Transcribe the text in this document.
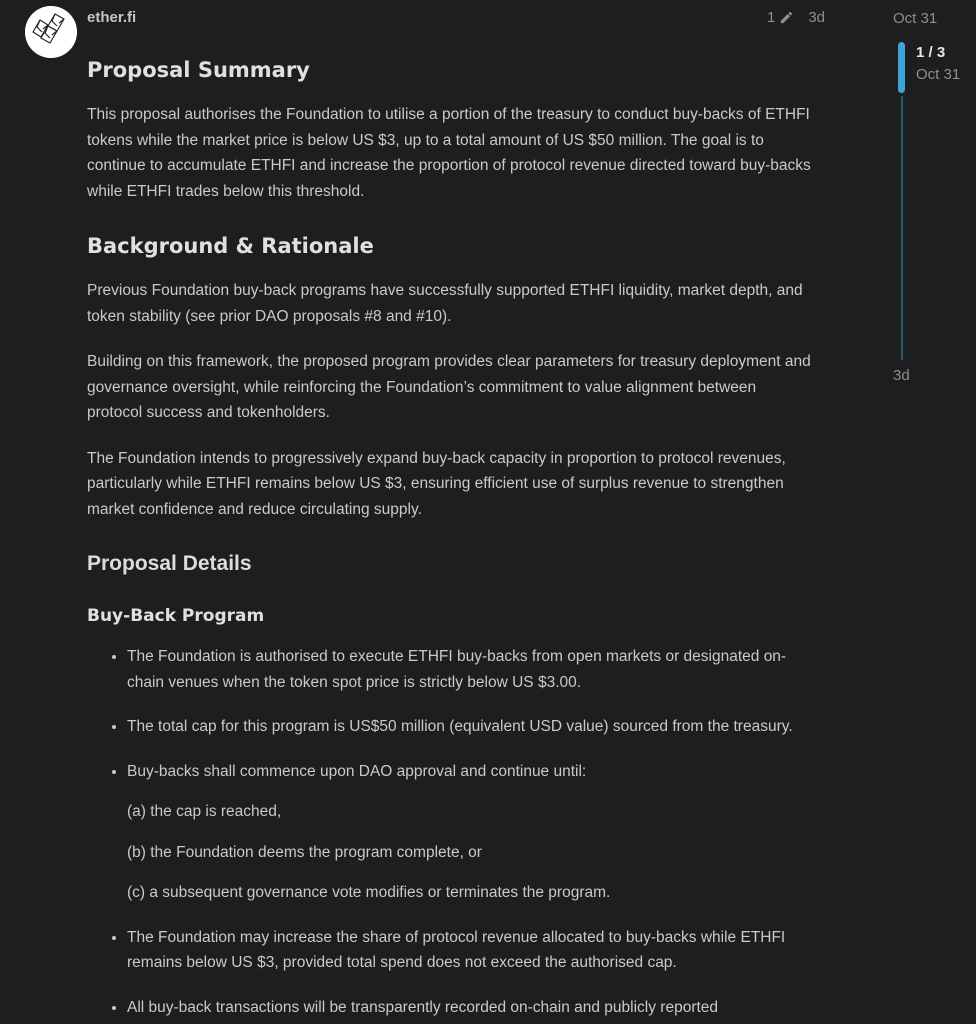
ether.fi	1 3d
Proposal Summary

This proposal authorises the Foundation to utilise a portion of the treasury to conduct buy-backs of ETHFI tokens while the market price is below US $3, up to a total amount of US $50 million. The goal is to continue to accumulate ETHFI and increase the proportion of protocol revenue directed toward buy-backs while ETHFI trades below this threshold.

Background & Rationale

Previous Foundation buy-back programs have successfully supported ETHFI liquidity, market depth, and token stability (see prior DAO proposals #8 and #10).

Building on this framework, the proposed program provides clear parameters for treasury deployment and governance oversight, while reinforcing the Foundation’s commitment to value alignment between protocol success and tokenholders.

The Foundation intends to progressively expand buy-back capacity in proportion to protocol revenues, particularly while ETHFI remains below US $3, ensuring efficient use of surplus revenue to strengthen market confidence and reduce circulating supply.

Proposal Details
Buy-Back Program
• The Foundation is authorised to execute ETHFI buy-backs from open markets or designated on-chain venues when the token spot price is strictly below US $3.00.
• The total cap for this program is US$50 million (equivalent USD value) sourced from the treasury.
• Buy-backs shall commence upon DAO approval and continue until:

(a) the cap is reached,

(b) the Foundation deems the program complete, or

(c) a subsequent governance vote modifies or terminates the program.

• The Foundation may increase the share of protocol revenue allocated to buy-backs while ETHFI remains below US $3, provided total spend does not exceed the authorised cap.
• All buy-back transactions will be transparently recorded on-chain and publicly reported
Oct 31
1 / 3
Oct 31
3d
